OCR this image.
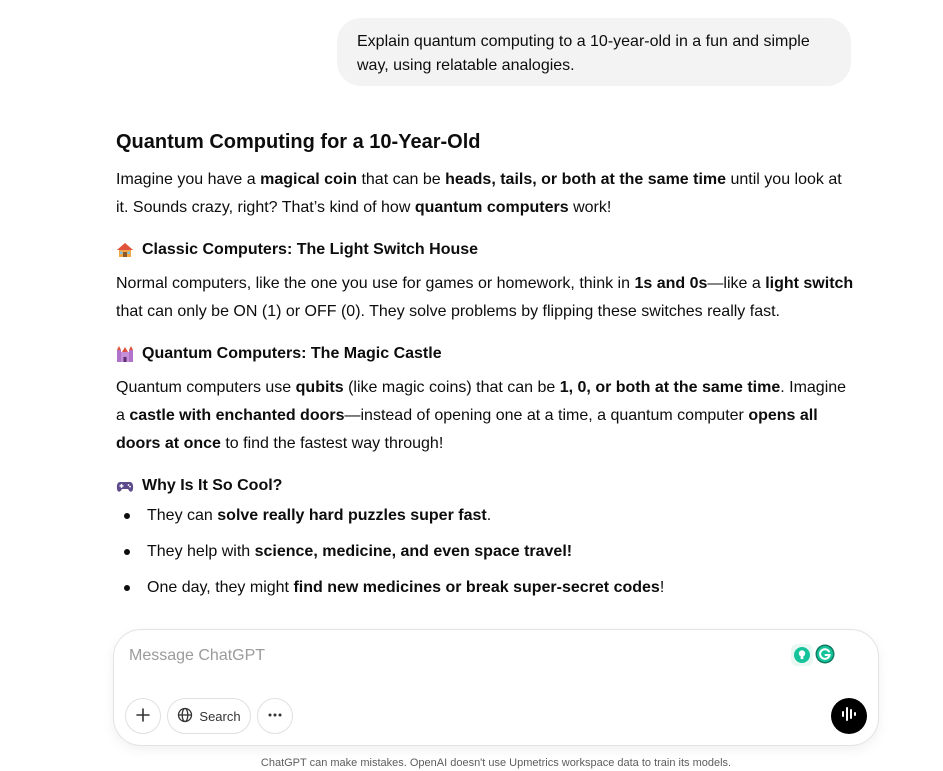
Explain quantum computing to a 10-year-old in a fun and simple way, using relatable analogies.
Quantum Computing for a 10-Year-Old

Imagine you have a magical coin that can be heads, tails, or both at the same time until you look at it. Sounds crazy, right? That’s kind of how quantum computers work!

Classic Computers: The Light Switch House

Normal computers, like the one you use for games or homework, think in 1s and 0s—like a light switch that can only be ON (1) or OFF (0). They solve problems by flipping these switches really fast.

Quantum Computers: The Magic Castle

Quantum computers use qubits (like magic coins) that can be 1, 0, or both at the same time. Imagine a castle with enchanted doors—instead of opening one at a time, a quantum computer opens all doors at once to find the fastest way through!

Why Is It So Cool?
They can solve really hard puzzles super fast.
They help with science, medicine, and even space travel!
One day, they might find new medicines or break super-secret codes!
Message ChatGPT
Search
ChatGPT can make mistakes. OpenAI doesn't use Upmetrics workspace data to train its models.
